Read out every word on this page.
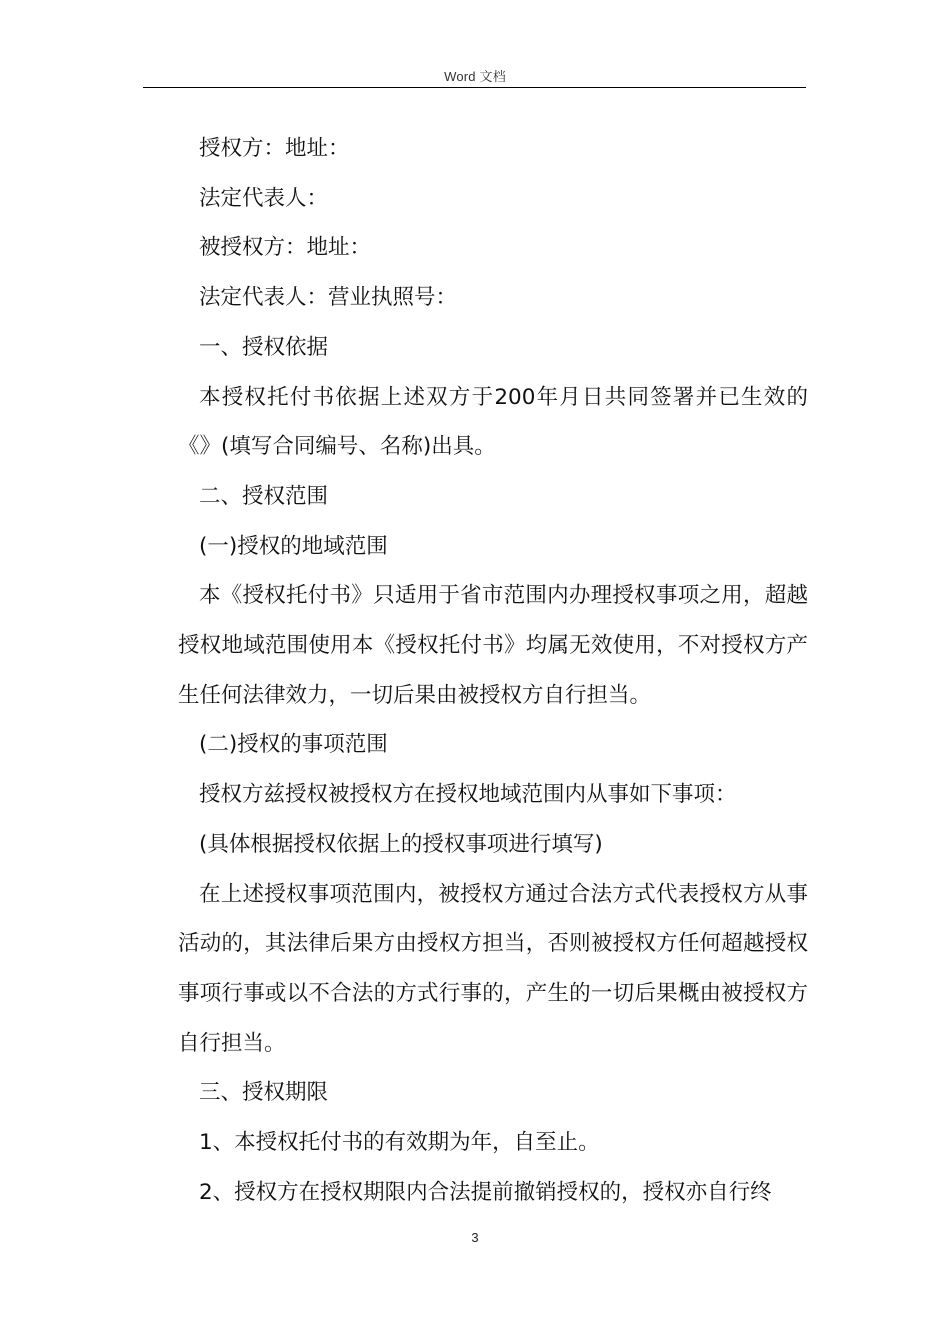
Word 文档

授权方：地址：

法定代表人：

被授权方：地址：

法定代表人：营业执照号：

一、授权依据

本授权托付书依据上述双方于200年月日共同签署并已生效的《》(填写合同编号、名称)出具。

二、授权范围

(一)授权的地域范围

本《授权托付书》只适用于省市范围内办理授权事项之用，超越授权地域范围使用本《授权托付书》均属无效使用，不对授权方产生任何法律效力，一切后果由被授权方自行担当。

(二)授权的事项范围

授权方兹授权被授权方在授权地域范围内从事如下事项：

(具体根据授权依据上的授权事项进行填写)

在上述授权事项范围内，被授权方通过合法方式代表授权方从事活动的，其法律后果方由授权方担当，否则被授权方任何超越授权事项行事或以不合法的方式行事的，产生的一切后果概由被授权方自行担当。

三、授权期限

1、本授权托付书的有效期为年，自至止。

2、授权方在授权期限内合法提前撤销授权的，授权亦自行终

3
